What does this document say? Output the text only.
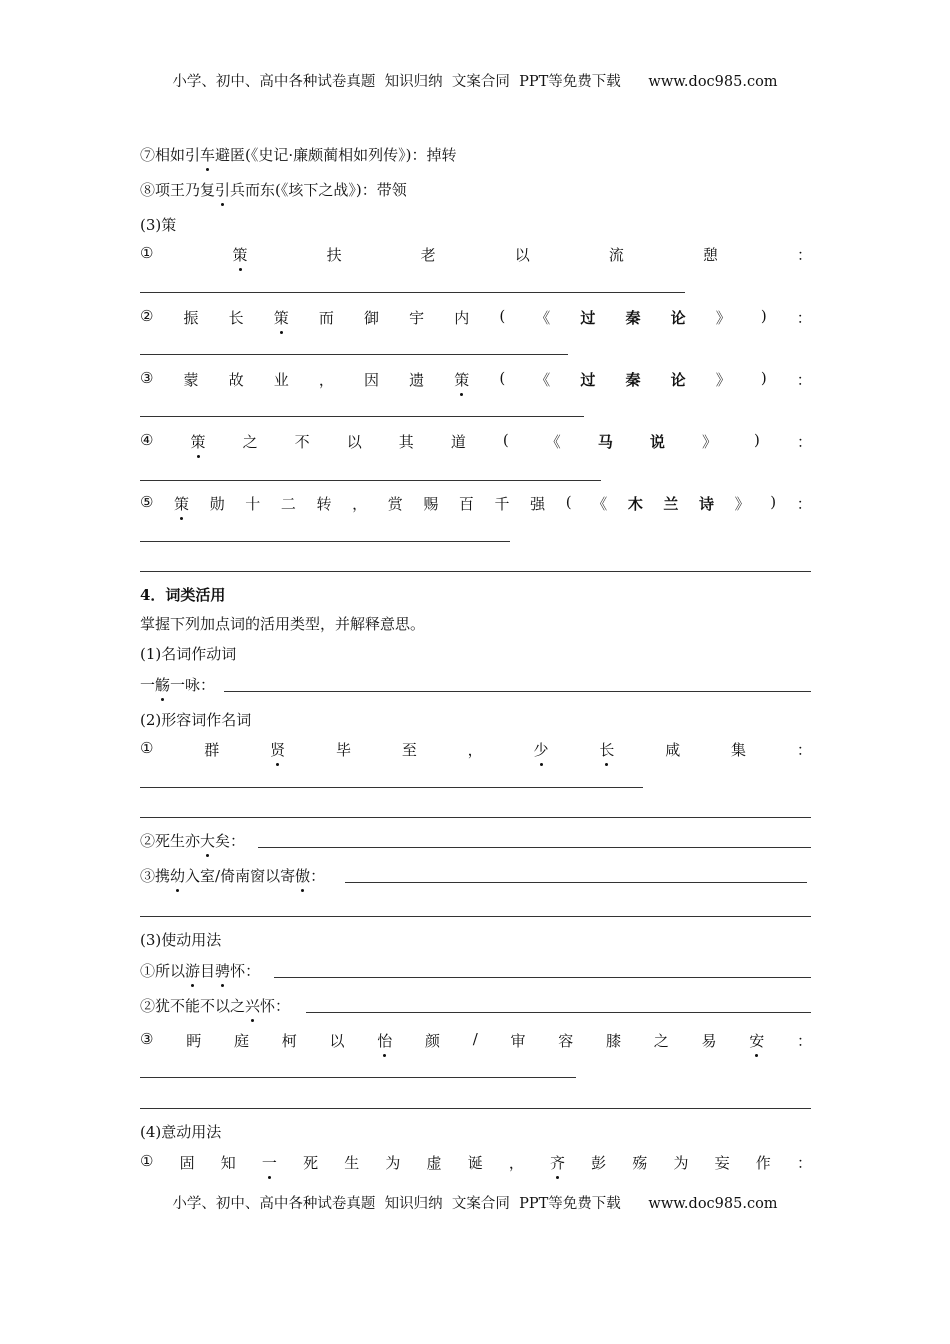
小学、初中、高中各种试卷真题  知识归纳  文案合同  PPT等免费下载      www.doc985.com
⑦相如引车避匿(《史记·廉颇蔺相如列传》)：掉转
⑧项王乃复引兵而东(《垓下之战》)：带领
(3)策
①	策	扶	老	以	流	憩	：
② 振 长 策 而 御 宇 内 ( 《 过 秦 论 》 ) ：
③ 蒙 故 业 ， 因 遗 策 ( 《 过 秦 论 》 ) ：
④ 策 之 不 以 其 道 ( 《 马 说 》 ) ：
⑤ 策 勋 十 二 转 ， 赏 赐 百 千 强 ( 《 木 兰 诗 》 ) ：
4．词类活用
掌握下列加点词的活用类型，并解释意思。
(1)名词作动词
一觞一咏：
(2)形容词作名词
①	群	贤	毕	至	，	少	长	咸	集	：
②死生亦大矣：
③携幼入室/倚南窗以寄傲：
(3)使动用法
①所以游目骋怀：
②犹不能不以之兴怀：
③ 眄 庭 柯 以 怡 颜 / 审 容 膝 之 易 安 ：
(4)意动用法
① 固 知 一 死 生 为 虚 诞 ， 齐 彭 殇 为 妄 作 ：
小学、初中、高中各种试卷真题  知识归纳  文案合同  PPT等免费下载      www.doc985.com
